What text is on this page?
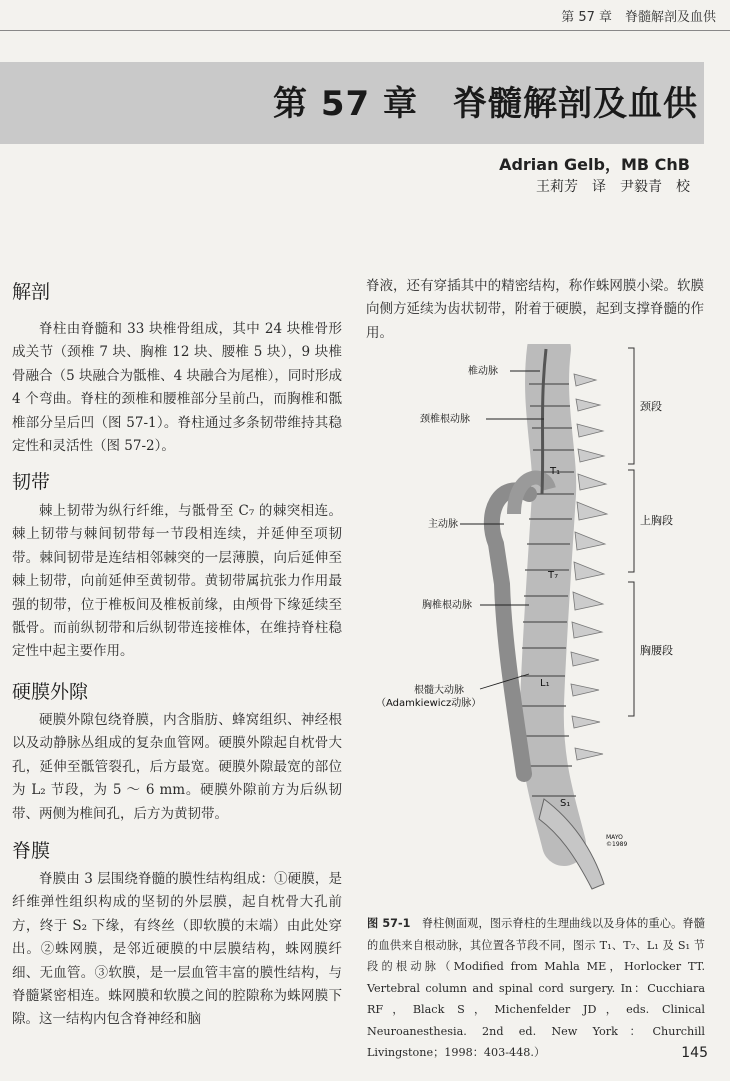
第 57 章　脊髓解剖及血供
第 57 章　脊髓解剖及血供
Adrian Gelb，MB ChB
王莉芳　译　尹毅青　校
解剖

脊柱由脊髓和 33 块椎骨组成，其中 24 块椎骨形成关节（颈椎 7 块、胸椎 12 块、腰椎 5 块），9 块椎骨融合（5 块融合为骶椎、4 块融合为尾椎），同时形成 4 个弯曲。脊柱的颈椎和腰椎部分呈前凸，而胸椎和骶椎部分呈后凹（图 57-1）。脊柱通过多条韧带维持其稳定性和灵活性（图 57-2）。

韧带

棘上韧带为纵行纤维，与骶骨至 C₇ 的棘突相连。棘上韧带与棘间韧带每一节段相连续，并延伸至项韧带。棘间韧带是连结相邻棘突的一层薄膜，向后延伸至棘上韧带，向前延伸至黄韧带。黄韧带属抗张力作用最强的韧带，位于椎板间及椎板前缘，由颅骨下缘延续至骶骨。而前纵韧带和后纵韧带连接椎体，在维持脊柱稳定性中起主要作用。

硬膜外隙

硬膜外隙包绕脊膜，内含脂肪、蜂窝组织、神经根以及动静脉丛组成的复杂血管网。硬膜外隙起自枕骨大孔，延伸至骶管裂孔，后方最宽。硬膜外隙最宽的部位为 L₂ 节段，为 5 ～ 6 mm。硬膜外隙前方为后纵韧带、两侧为椎间孔，后方为黄韧带。

脊膜

脊膜由 3 层围绕脊髓的膜性结构组成：①硬膜，是纤维弹性组织构成的坚韧的外层膜，起自枕骨大孔前方，终于 S₂ 下缘，有终丝（即软膜的末端）由此处穿出。②蛛网膜，是邻近硬膜的中层膜结构，蛛网膜纤细、无血管。③软膜，是一层血管丰富的膜性结构，与脊髓紧密相连。蛛网膜和软膜之间的腔隙称为蛛网膜下隙。这一结构内包含脊神经和脑

脊液，还有穿插其中的精密结构，称作蛛网膜小梁。软膜向侧方延续为齿状韧带，附着于硬膜，起到支撑脊髓的作用。

椎动脉
颈椎根动脉
主动脉
胸椎根动脉
根髓大动脉
（Adamkiewicz动脉）
T₁
T₇
L₁
S₁
颈段
上胸段
胸腰段
MAYO ©1989

图 57-1　脊柱侧面观，图示脊柱的生理曲线以及身体的重心。脊髓的血供来自根动脉，其位置各节段不同，图示 T₁、T₇、L₁ 及 S₁ 节段的根动脉（Modified from Mahla ME，Horlocker TT. Vertebral column and spinal cord surgery. In：Cucchiara RF，Black S，Michenfelder JD，eds. Clinical Neuroanesthesia. 2nd ed. New York：Churchill Livingstone；1998：403-448.）	145
